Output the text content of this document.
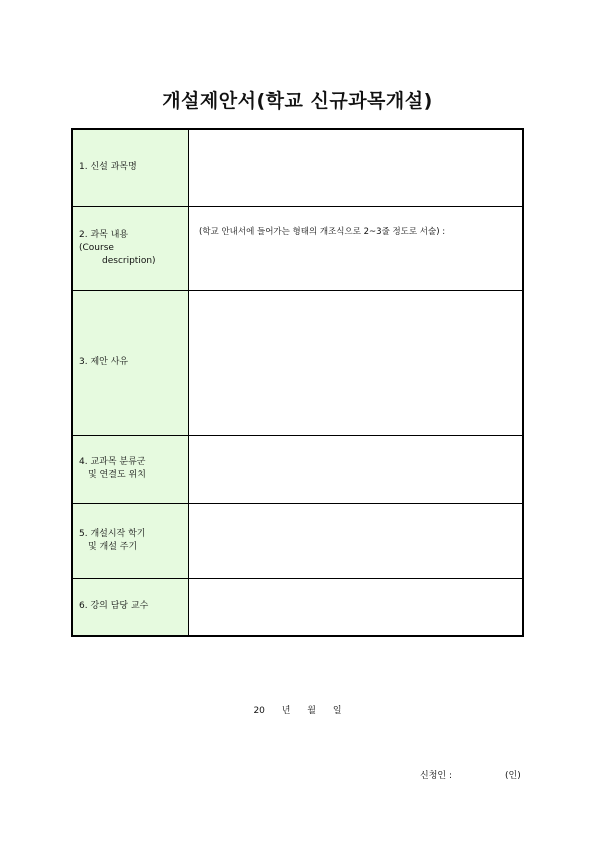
개설제안서(학교 신규과목개설)
1. 신설 과목명	

2. 과목 내용
(Course
description)	(학교 안내서에 들어가는 형태의 개조식으로 2~3줄 정도로 서술) :

3. 제안 사유	

4. 교과목 분류군
및 연결도 위치	

5. 개설시작 학기
및 개설 주기	

6. 강의 담당 교수	

20 년 월 일
신청인 :	(인)
